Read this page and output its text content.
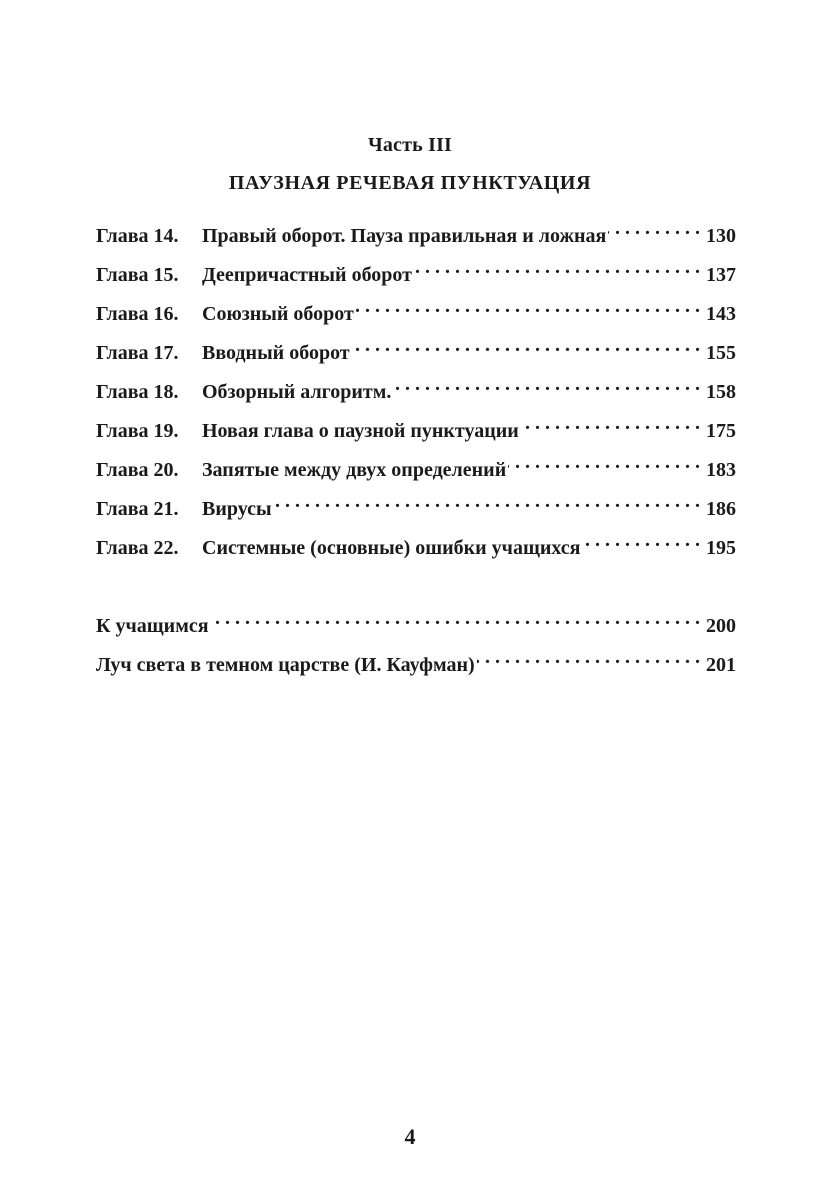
Часть III
ПАУЗНАЯ РЕЧЕВАЯ ПУНКТУАЦИЯ
Глава 14.	Правый оборот. Пауза правильная и ложная . . .	130
Глава 15.	Деепричастный оборот . . .	137
Глава 16.	Союзный оборот . . .	143
Глава 17.	Вводный оборот . . .	155
Глава 18.	Обзорный алгоритм. . . .	158
Глава 19.	Новая глава о паузной пунктуации . . .	175
Глава 20.	Запятые между двух определений . . .	183
Глава 21.	Вирусы . . .	186
Глава 22.	Системные (основные) ошибки учащихся . . .	195
К учащимся . . .	200
Луч света в темном царстве (И. Кауфман) . . .	201
4
